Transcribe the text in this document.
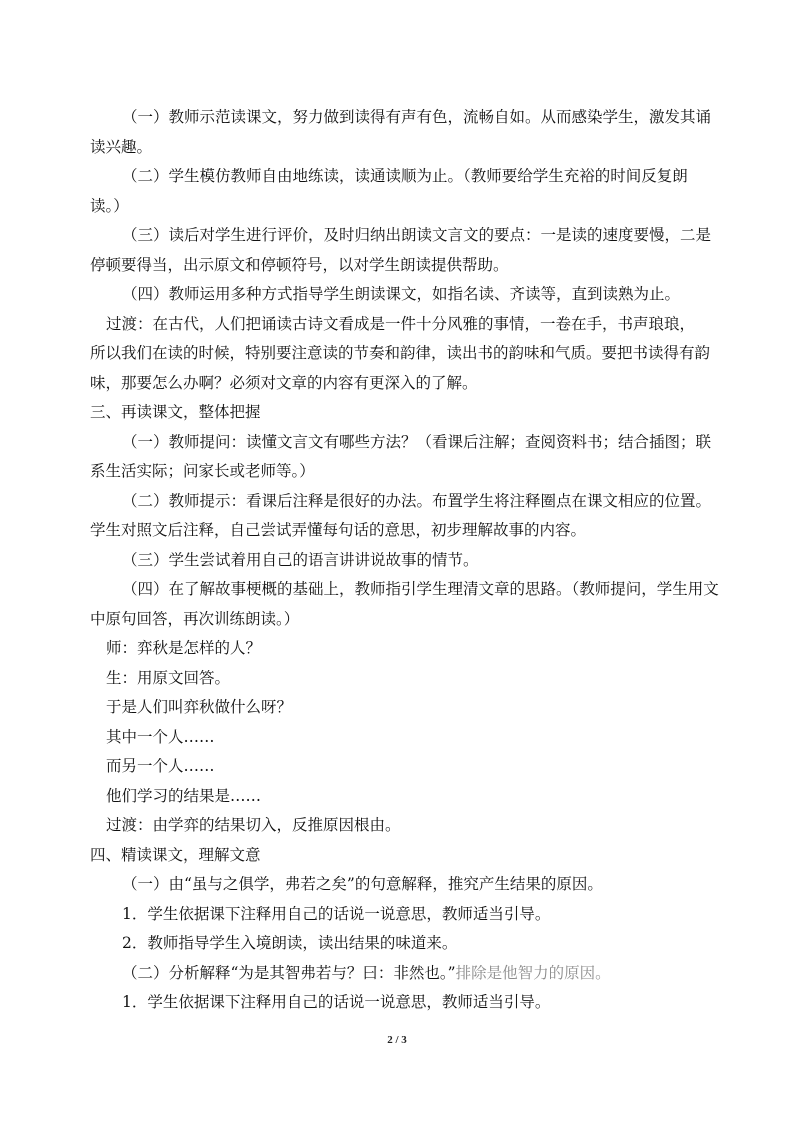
（一）教师示范读课文，努力做到读得有声有色，流畅自如。从而感染学生，激发其诵

读兴趣。

（二）学生模仿教师自由地练读，读通读顺为止。（教师要给学生充裕的时间反复朗

读。）

（三）读后对学生进行评价，及时归纳出朗读文言文的要点：一是读的速度要慢，二是

停顿要得当，出示原文和停顿符号，以对学生朗读提供帮助。

（四）教师运用多种方式指导学生朗读课文，如指名读、齐读等，直到读熟为止。

过渡：在古代，人们把诵读古诗文看成是一件十分风雅的事情，一卷在手，书声琅琅，

所以我们在读的时候，特别要注意读的节奏和韵律，读出书的韵味和气质。要把书读得有韵

味，那要怎么办啊？必须对文章的内容有更深入的了解。

三、再读课文，整体把握

（一）教师提问：读懂文言文有哪些方法？（看课后注解；查阅资料书；结合插图；联

系生活实际；问家长或老师等。）

（二）教师提示：看课后注释是很好的办法。布置学生将注释圈点在课文相应的位置。

学生对照文后注释，自己尝试弄懂每句话的意思，初步理解故事的内容。

（三）学生尝试着用自己的语言讲讲说故事的情节。

（四）在了解故事梗概的基础上，教师指引学生理清文章的思路。（教师提问，学生用文

中原句回答，再次训练朗读。）

师：弈秋是怎样的人？

生：用原文回答。

于是人们叫弈秋做什么呀？

其中一个人……

而另一个人……

他们学习的结果是……

过渡：由学弈的结果切入，反推原因根由。

四、精读课文，理解文意

（一）由“虽与之俱学，弗若之矣”的句意解释，推究产生结果的原因。

1．学生依据课下注释用自己的话说一说意思，教师适当引导。

2．教师指导学生入境朗读，读出结果的味道来。

（二）分析解释“为是其智弗若与？曰：非然也。”排除是他智力的原因。

1．学生依据课下注释用自己的话说一说意思，教师适当引导。

2 / 3
